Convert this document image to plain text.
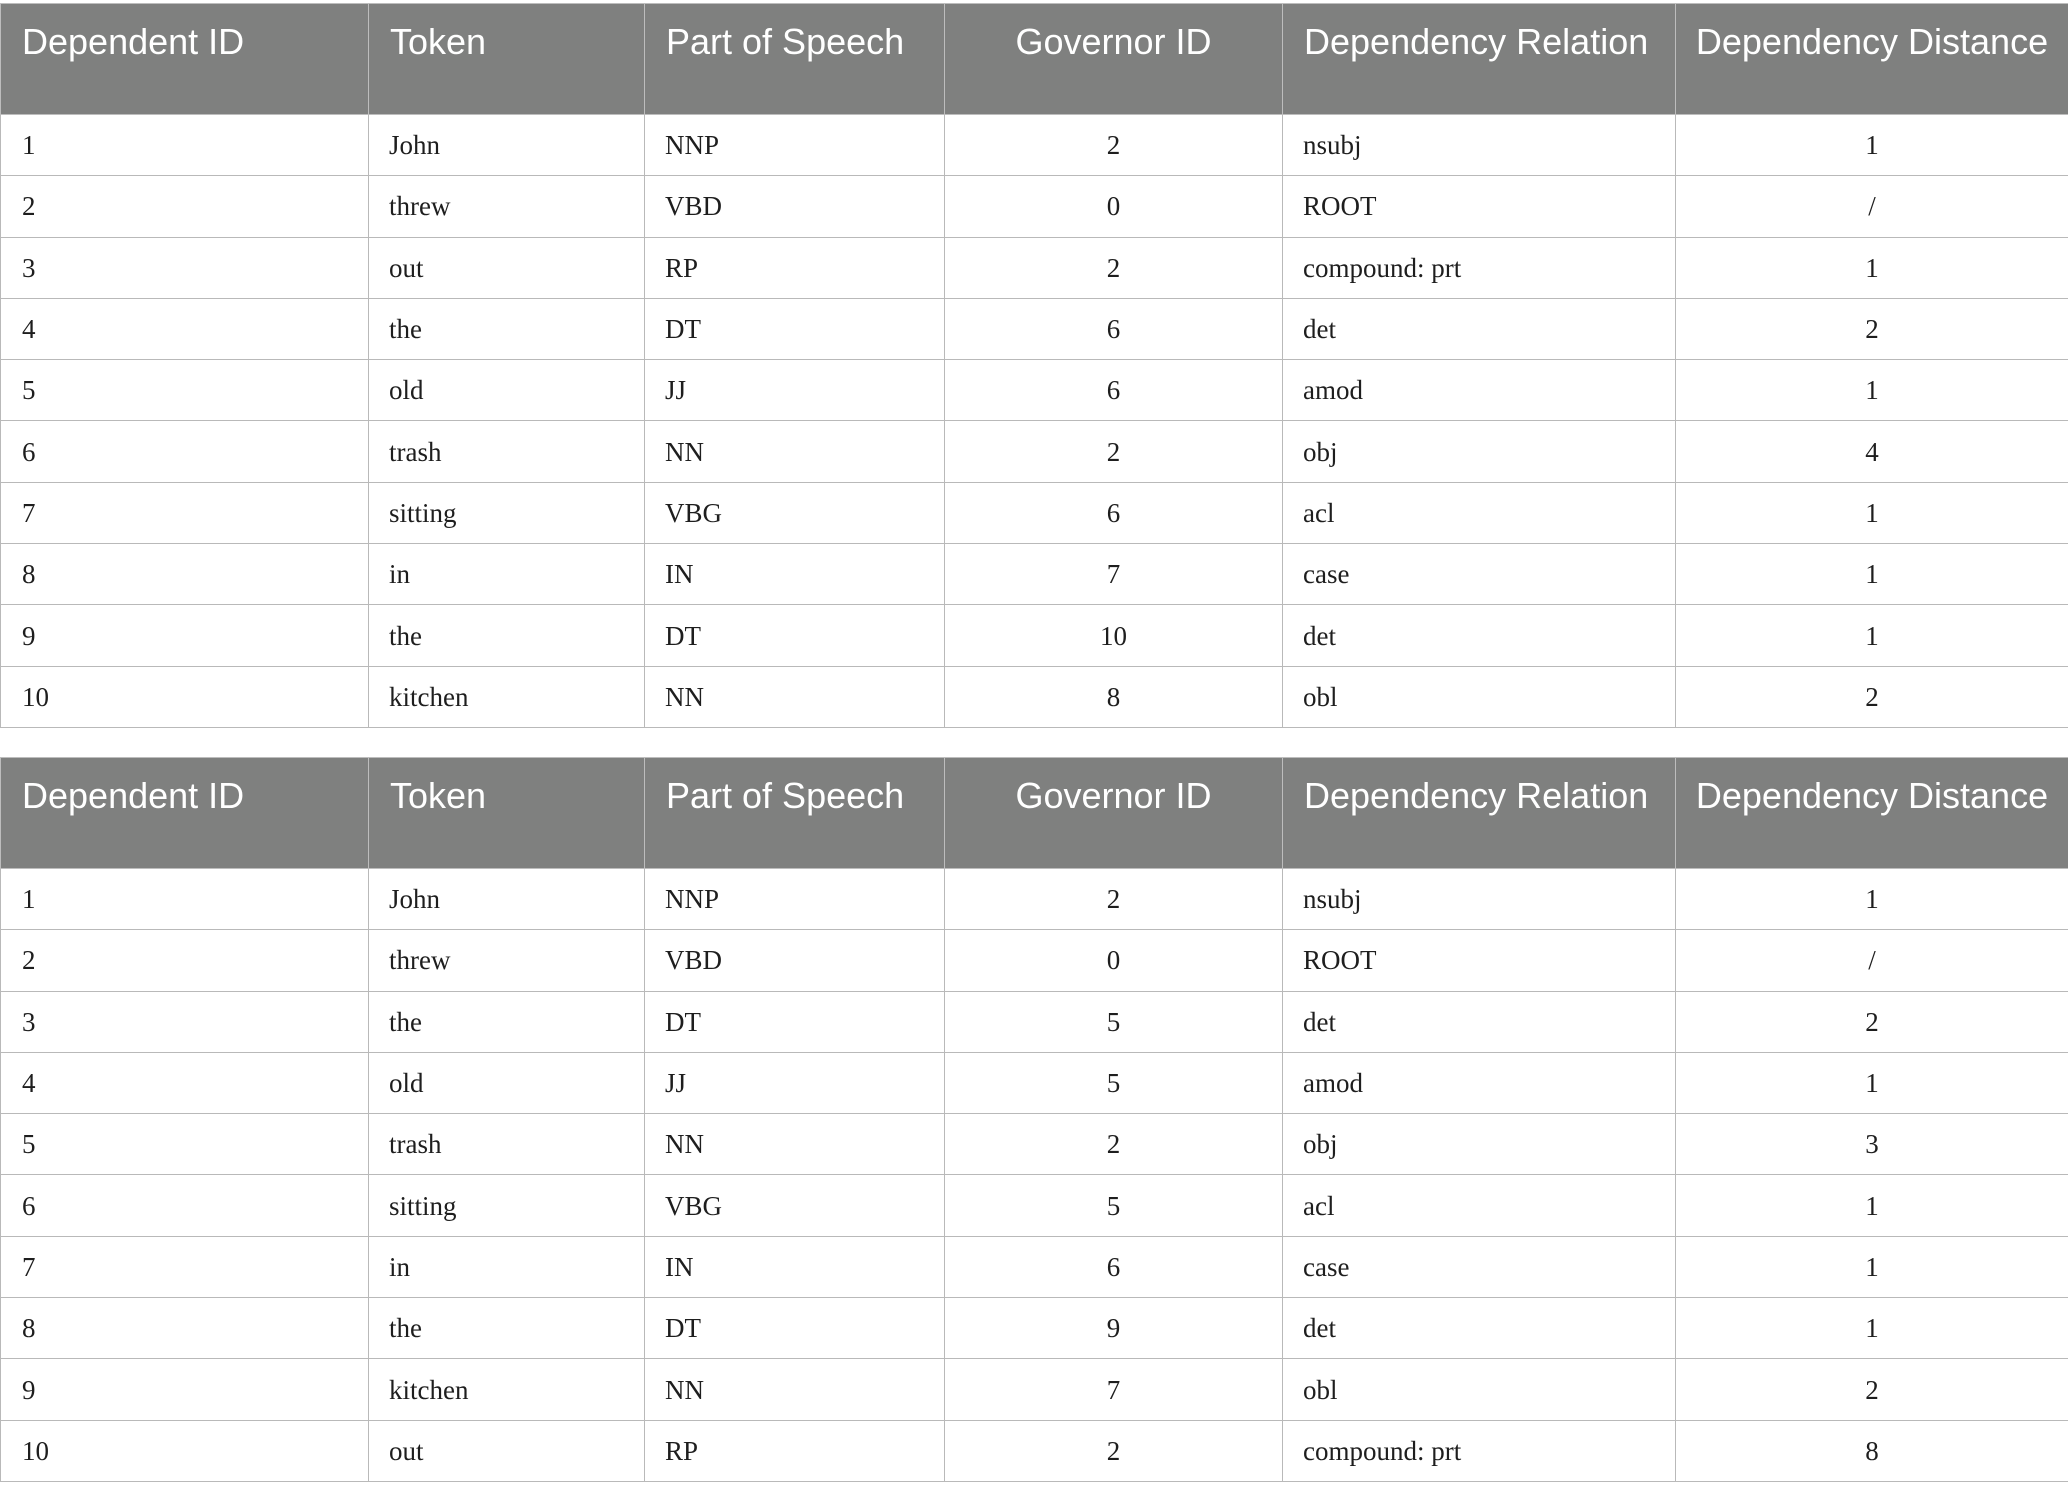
Dependent ID	Token	Part of Speech	Governor ID	Dependency Relation	Dependency Distance
1	John	NNP	2	nsubj	1
2	threw	VBD	0	ROOT	/
3	out	RP	2	compound: prt	1
4	the	DT	6	det	2
5	old	JJ	6	amod	1
6	trash	NN	2	obj	4
7	sitting	VBG	6	acl	1
8	in	IN	7	case	1
9	the	DT	10	det	1
10	kitchen	NN	8	obl	2
Dependent ID	Token	Part of Speech	Governor ID	Dependency Relation	Dependency Distance
1	John	NNP	2	nsubj	1
2	threw	VBD	0	ROOT	/
3	the	DT	5	det	2
4	old	JJ	5	amod	1
5	trash	NN	2	obj	3
6	sitting	VBG	5	acl	1
7	in	IN	6	case	1
8	the	DT	9	det	1
9	kitchen	NN	7	obl	2
10	out	RP	2	compound: prt	8
